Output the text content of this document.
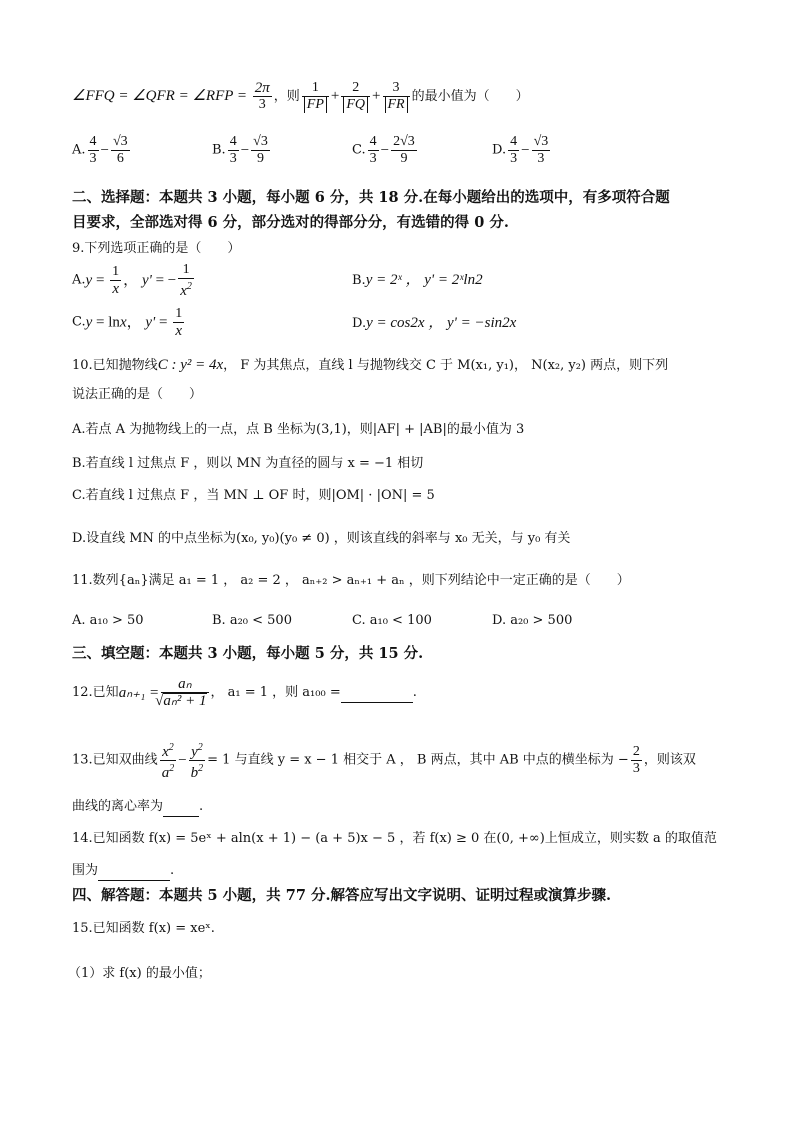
∠FFQ = ∠QFR = ∠RFP = $\frac{2\pi}{3}$ ，则 $\frac{1}{FP} + \frac{2}{FQ} + \frac{3}{FR}$ 的最小值为（　　）
A. $\frac{4}{3} - \frac{√3}{6}$	B. $\frac{4}{3} - \frac{√3}{9}$	C. $\frac{4}{3} - \frac{2√3}{9}$	D. $\frac{4}{3} - \frac{√3}{3}$
二、选择题：本题共 3 小题，每小题 6 分，共 18 分.在每小题给出的选项中，有多项符合题
目要求，全部选对得 6 分，部分选对的得部分分，有选错的得 0 分.
9.下列选项正确的是（　　）
$A.y = \frac{1}{x}$ ， y' = − $\frac{1}{x^2}$	B.y = 2ˣ ， y' = 2ˣln2
C.y = lnx， $y' = \frac{1}{x}$	D.y = cos2x ， y' = −sin2x
10.已知抛物线C : y² = 4x， F 为其焦点，直线 l 与抛物线交 C 于 M(x₁, y₁)， N(x₂, y₂) 两点，则下列
说法正确的是（　　）
A.若点 A 为抛物线上的一点，点 B 坐标为(3,1)，则|AF| + |AB|的最小值为 3
B.若直线 l 过焦点 F ，则以 MN 为直径的圆与 x = −1 相切
C.若直线 l 过焦点 F ，当 MN ⊥ OF 时，则|OM| · |ON| = 5
D.设直线 MN 的中点坐标为(x₀, y₀)(y₀ ≠ 0) ，则该直线的斜率与 x₀ 无关，与 y₀ 有关
11.数列{aₙ}满足 a₁ = 1 ， a₂ = 2 ， aₙ₊₂ > aₙ₊₁ + aₙ ，则下列结论中一定正确的是（　　）
A. a₁₀ > 50	B. a₂₀ < 500	C. a₁₀ < 100	D. a₂₀ > 500
三、填空题：本题共 3 小题，每小题 5 分，共 15 分.
12.已知aₙ₊₁ = aₙ
√ aₙ² + 1 ， a₁ = 1 ，则 a₁₀₀ =	.
13.已知双曲线 $\frac{x^2}{a^2} - \frac{y^2}{b^2} = 1$ 与直线 y = x − 1 相交于 A ， B 两点，其中 AB 中点的横坐标为 − $\frac{2}{3}$ ，则该双
曲线的离心率为	.
14.已知函数 f(x) = 5eˣ + aln(x + 1) − (a + 5)x − 5 ，若 f(x) ≥ 0 在(0, +∞)上恒成立，则实数 a 的取值范
围为	.
四、解答题：本题共 5 小题，共 77 分.解答应写出文字说明、证明过程或演算步骤.
15.已知函数 f(x) = xeˣ.
（1）求 f(x) 的最小值；
